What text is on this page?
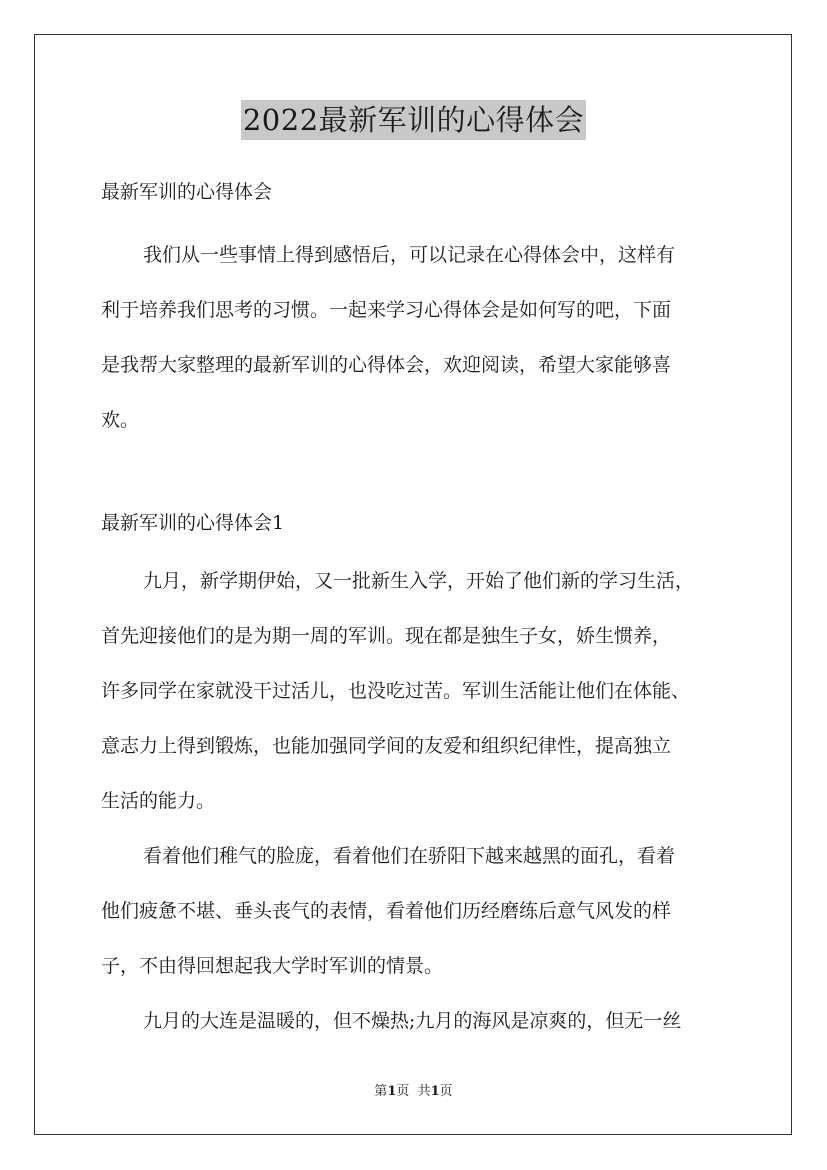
2022最新军训的心得体会

最新军训的心得体会

我们从一些事情上得到感悟后，可以记录在心得体会中，这样有

利于培养我们思考的习惯。一起来学习心得体会是如何写的吧，下面

是我帮大家整理的最新军训的心得体会，欢迎阅读，希望大家能够喜

欢。

最新军训的心得体会1

九月，新学期伊始，又一批新生入学，开始了他们新的学习生活，

首先迎接他们的是为期一周的军训。现在都是独生子女，娇生惯养，

许多同学在家就没干过活儿，也没吃过苦。军训生活能让他们在体能、

意志力上得到锻炼，也能加强同学间的友爱和组织纪律性，提高独立

生活的能力。

看着他们稚气的脸庞，看着他们在骄阳下越来越黑的面孔，看着

他们疲惫不堪、垂头丧气的表情，看着他们历经磨练后意气风发的样

子，不由得回想起我大学时军训的情景。

九月的大连是温暖的，但不燥热;九月的海风是凉爽的，但无一丝

第1页  共1页
